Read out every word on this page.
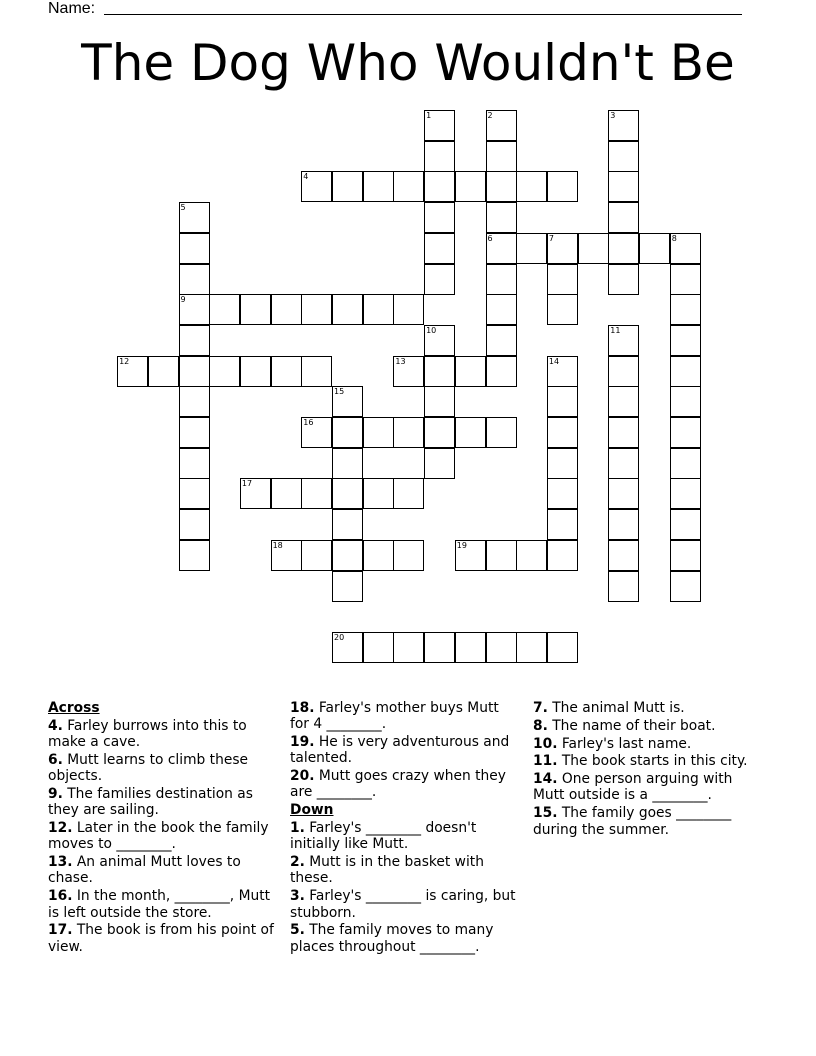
Name:
The Dog Who Wouldn't Be
1	2	3
4
5
6	7	8
9
10	11
12	13	14
15
16
17
18	19
20
Across
4. Farley burrows into this to make a cave.
6. Mutt learns to climb these objects.
9. The families destination as they are sailing.
12. Later in the book the family moves to ________.
13. An animal Mutt loves to chase.
16. In the month, ________, Mutt is left outside the store.
17. The book is from his point of view.
18. Farley's mother buys Mutt for 4 ________.
19. He is very adventurous and talented.
20. Mutt goes crazy when they are ________.
Down
1. Farley's ________ doesn't initially like Mutt.
2. Mutt is in the basket with these.
3. Farley's ________ is caring, but stubborn.
5. The family moves to many places throughout ________.
7. The animal Mutt is.
8. The name of their boat.
10. Farley's last name.
11. The book starts in this city.
14. One person arguing with Mutt outside is a ________.
15. The family goes ________ during the summer.
